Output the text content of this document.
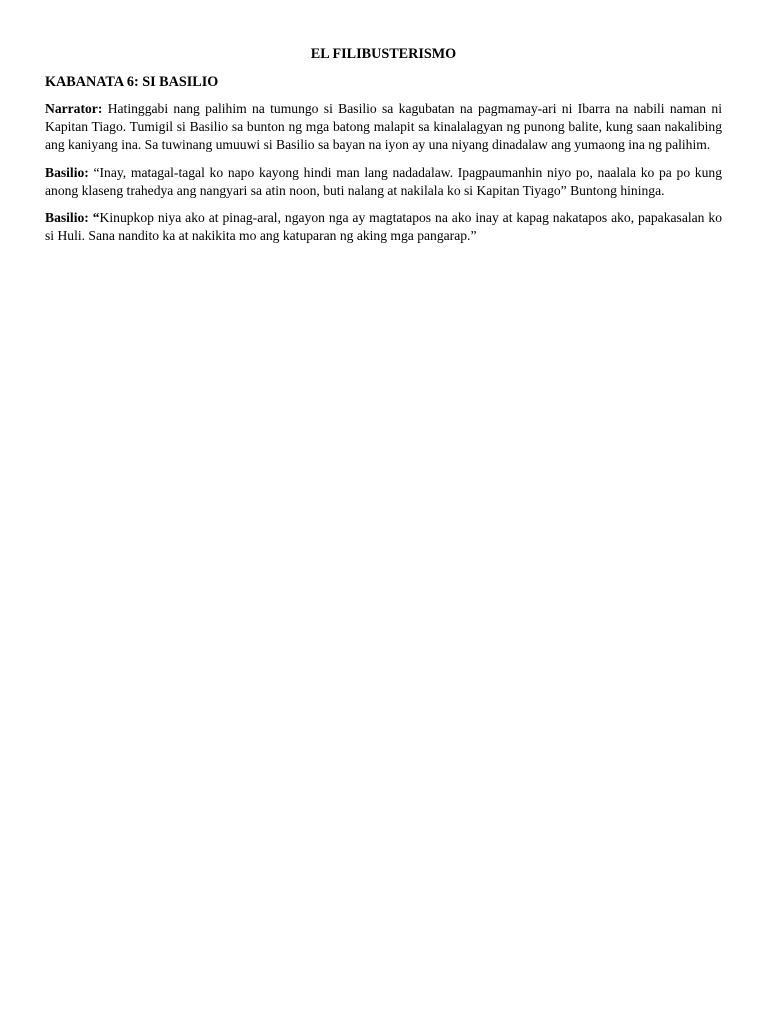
EL FILIBUSTERISMO
KABANATA 6: SI BASILIO

Narrator: Hatinggabi nang palihim na tumungo si Basilio sa kagubatan na pagmamay-ari ni Ibarra na nabili naman ni Kapitan Tiago. Tumigil si Basilio sa bunton ng mga batong malapit sa kinalalagyan ng punong balite, kung saan nakalibing ang kaniyang ina. Sa tuwinang umuuwi si Basilio sa bayan na iyon ay una niyang dinadalaw ang yumaong ina ng palihim.

Basilio: “Inay, matagal-tagal ko napo kayong hindi man lang nadadalaw. Ipagpaumanhin niyo po, naalala ko pa po kung anong klaseng trahedya ang nangyari sa atin noon, buti nalang at nakilala ko si Kapitan Tiyago” Buntong hininga.

Basilio: “Kinupkop niya ako at pinag-aral, ngayon nga ay magtatapos na ako inay at kapag nakatapos ako, papakasalan ko si Huli. Sana nandito ka at nakikita mo ang katuparan ng aking mga pangarap.”
